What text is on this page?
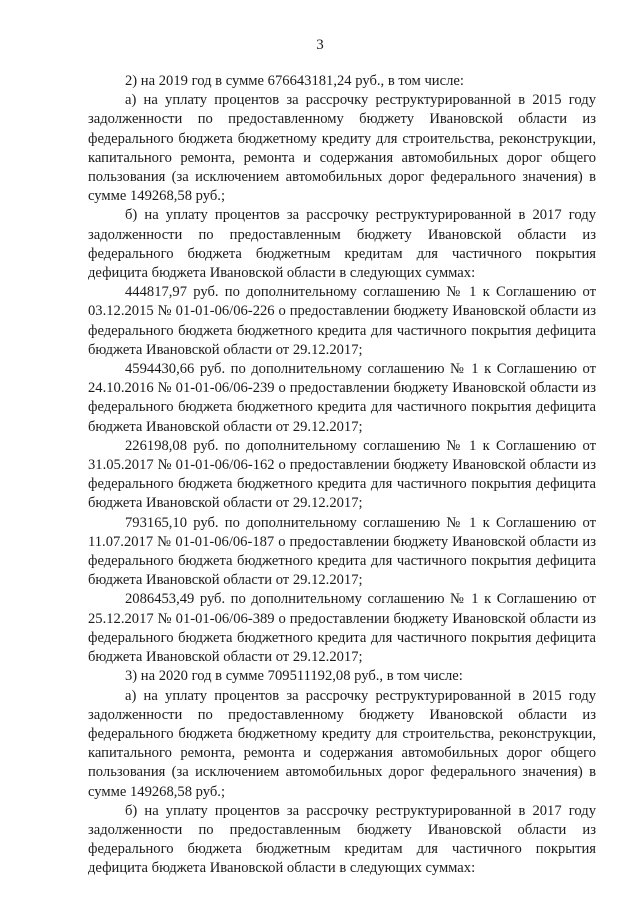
3

2) на 2019 год в сумме 676643181,24 руб., в том числе:

а) на уплату процентов за рассрочку реструктурированной в 2015 году задолженности по предоставленному бюджету Ивановской области из федерального бюджета бюджетному кредиту для строительства, реконструкции, капитального ремонта, ремонта и содержания автомобильных дорог общего пользования (за исключением автомобильных дорог федерального значения) в сумме 149268,58 руб.;

б) на уплату процентов за рассрочку реструктурированной в 2017 году задолженности по предоставленным бюджету Ивановской области из федерального бюджета бюджетным кредитам для частичного покрытия дефицита бюджета Ивановской области в следующих суммах:

444817,97 руб. по дополнительному соглашению № 1 к Соглашению от 03.12.2015 № 01-01-06/06-226 о предоставлении бюджету Ивановской области из федерального бюджета бюджетного кредита для частичного покрытия дефицита бюджета Ивановской области от 29.12.2017;

4594430,66 руб. по дополнительному соглашению № 1 к Соглашению от 24.10.2016 № 01-01-06/06-239 о предоставлении бюджету Ивановской области из федерального бюджета бюджетного кредита для частичного покрытия дефицита бюджета Ивановской области от 29.12.2017;

226198,08 руб. по дополнительному соглашению № 1 к Соглашению от 31.05.2017 № 01-01-06/06-162 о предоставлении бюджету Ивановской области из федерального бюджета бюджетного кредита для частичного покрытия дефицита бюджета Ивановской области от 29.12.2017;

793165,10 руб. по дополнительному соглашению № 1 к Соглашению от 11.07.2017 № 01-01-06/06-187 о предоставлении бюджету Ивановской области из федерального бюджета бюджетного кредита для частичного покрытия дефицита бюджета Ивановской области от 29.12.2017;

2086453,49 руб. по дополнительному соглашению № 1 к Соглашению от 25.12.2017 № 01-01-06/06-389 о предоставлении бюджету Ивановской области из федерального бюджета бюджетного кредита для частичного покрытия дефицита бюджета Ивановской области от 29.12.2017;

3) на 2020 год в сумме 709511192,08 руб., в том числе:

а) на уплату процентов за рассрочку реструктурированной в 2015 году задолженности по предоставленному бюджету Ивановской области из федерального бюджета бюджетному кредиту для строительства, реконструкции, капитального ремонта, ремонта и содержания автомобильных дорог общего пользования (за исключением автомобильных дорог федерального значения) в сумме 149268,58 руб.;

б) на уплату процентов за рассрочку реструктурированной в 2017 году задолженности по предоставленным бюджету Ивановской области из федерального бюджета бюджетным кредитам для частичного покрытия дефицита бюджета Ивановской области в следующих суммах:
